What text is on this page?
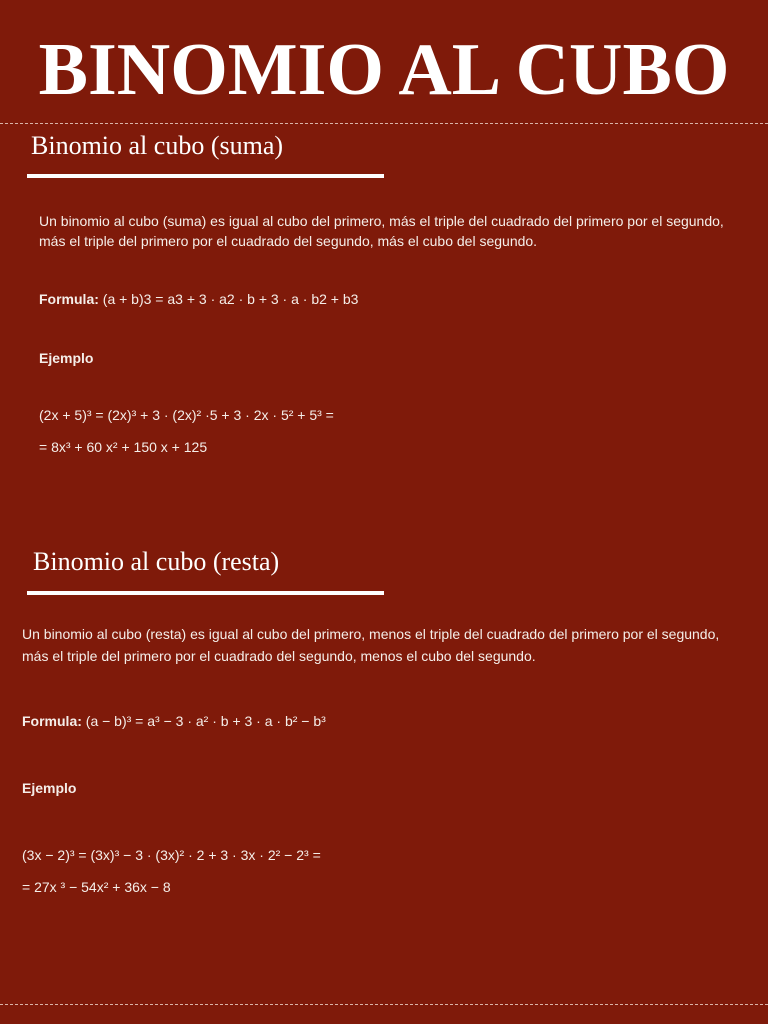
BINOMIO AL CUBO
Binomio al cubo (suma)
Un binomio al cubo (suma) es igual al cubo del primero, más el triple del cuadrado del primero por el segundo, más el triple del primero por el cuadrado del segundo, más el cubo del segundo.
Formula: (a + b)3 = a3 + 3 · a2 · b + 3 · a · b2 + b3
Ejemplo
(2x + 5)³ = (2x)³ + 3 · (2x)² ·5 + 3 · 2x · 5² + 5³ =
= 8x³ + 60 x² + 150 x + 125
Binomio al cubo (resta)
Un binomio al cubo (resta) es igual al cubo del primero, menos el triple del cuadrado del primero por el segundo, más el triple del primero por el cuadrado del segundo, menos el cubo del segundo.
Formula: (a − b)³ = a³ − 3 · a² · b + 3 · a · b² − b³
Ejemplo
(3x − 2)³ = (3x)³ − 3 · (3x)² · 2 + 3 · 3x · 2² − 2³ =
= 27x ³ − 54x² + 36x − 8
